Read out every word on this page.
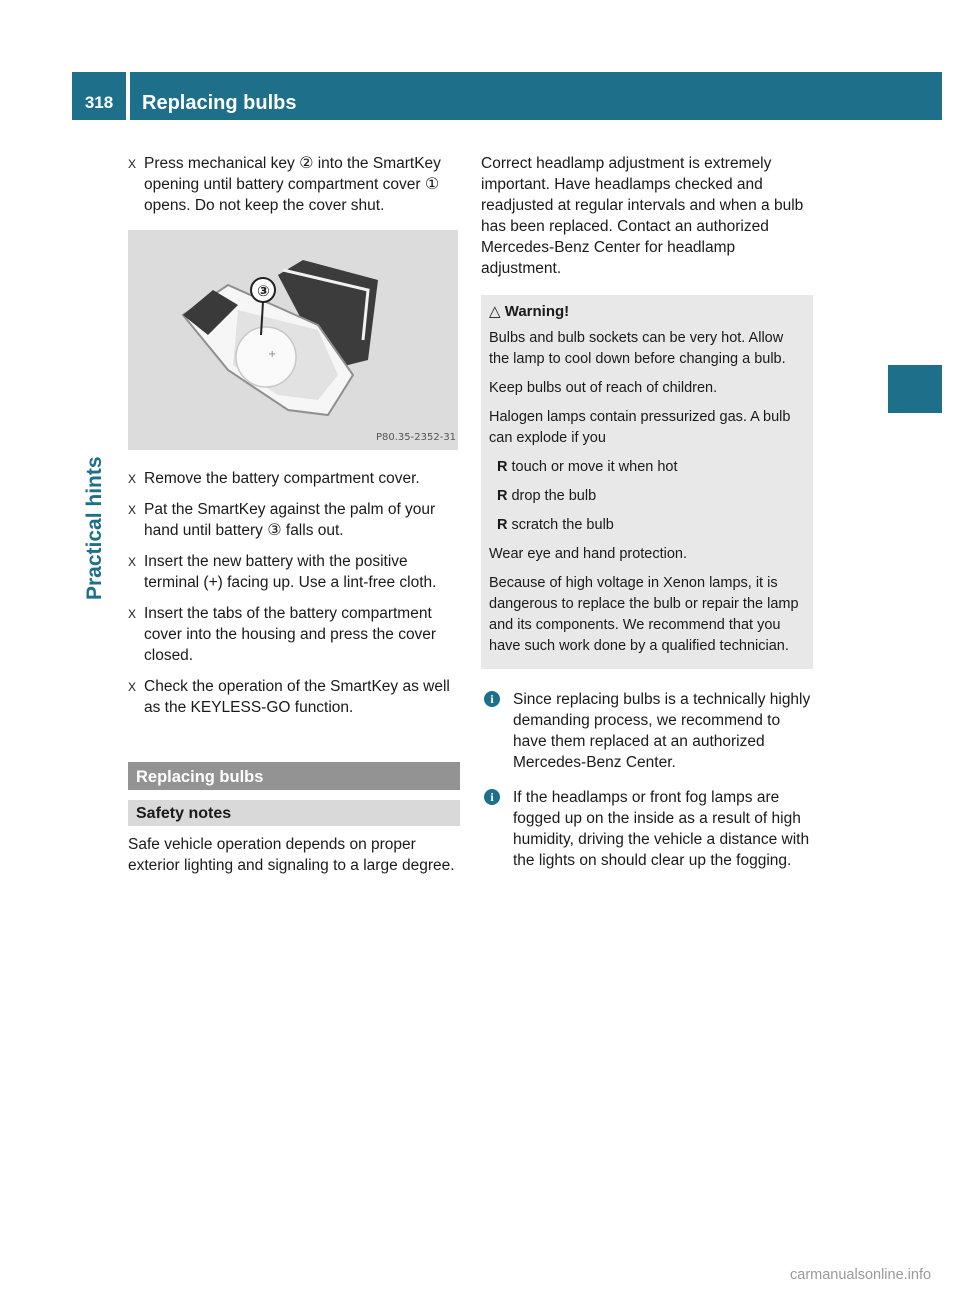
318	Replacing bulbs
Practical hints
X Press mechanical key ② into the SmartKey opening until battery compartment cover ① opens. Do not keep the cover shut.
+
③
P80.35-2352-31
X Remove the battery compartment cover.
X Pat the SmartKey against the palm of your hand until battery ③ falls out.
X Insert the new battery with the positive terminal (+) facing up. Use a lint-free cloth.
X Insert the tabs of the battery compartment cover into the housing and press the cover closed.
X Check the operation of the SmartKey as well as the KEYLESS-GO function.
Replacing bulbs
Safety notes

Safe vehicle operation depends on proper exterior lighting and signaling to a large degree.

Correct headlamp adjustment is extremely important. Have headlamps checked and readjusted at regular intervals and when a bulb has been replaced. Contact an authorized Mercedes-Benz Center for headlamp adjustment.

△ Warning!

Bulbs and bulb sockets can be very hot. Allow the lamp to cool down before changing a bulb.

Keep bulbs out of reach of children.

Halogen lamps contain pressurized gas. A bulb can explode if you

R touch or move it when hot

R drop the bulb

R scratch the bulb

Wear eye and hand protection.

Because of high voltage in Xenon lamps, it is dangerous to replace the bulb or repair the lamp and its components. We recommend that you have such work done by a qualified technician.

i	Since replacing bulbs is a technically highly demanding process, we recommend to have them replaced at an authorized Mercedes-Benz Center.
i	If the headlamps or front fog lamps are fogged up on the inside as a result of high humidity, driving the vehicle a distance with the lights on should clear up the fogging.
carmanualsonline.info
